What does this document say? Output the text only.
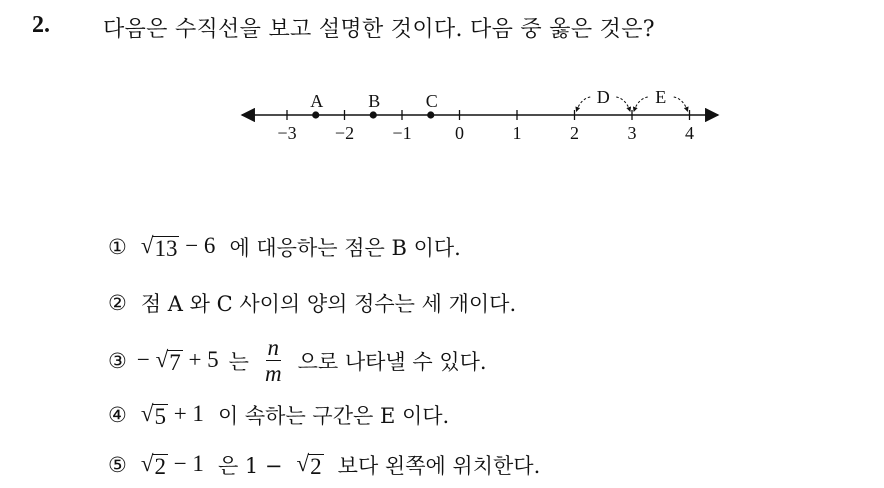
2. 다음은 수직선을 보고 설명한 것이다. 다음 중 옳은 것은?
−3 −2 −1 0	1	2	3	4
A B	C	D	E
① √ 13 − 6 에 대응하는 점은 B 이다.
② 점 A 와 C 사이의 양의 정수는 세 개이다.
③ − √ 7 + 5 는 $\frac{n}{m}$ 으로 나타낼 수 있다.
④ √ 5 + 1 이 속하는 구간은 E 이다.
⑤ √ 2 − 1 은 1 − √ 2 보다 왼쪽에 위치한다.
